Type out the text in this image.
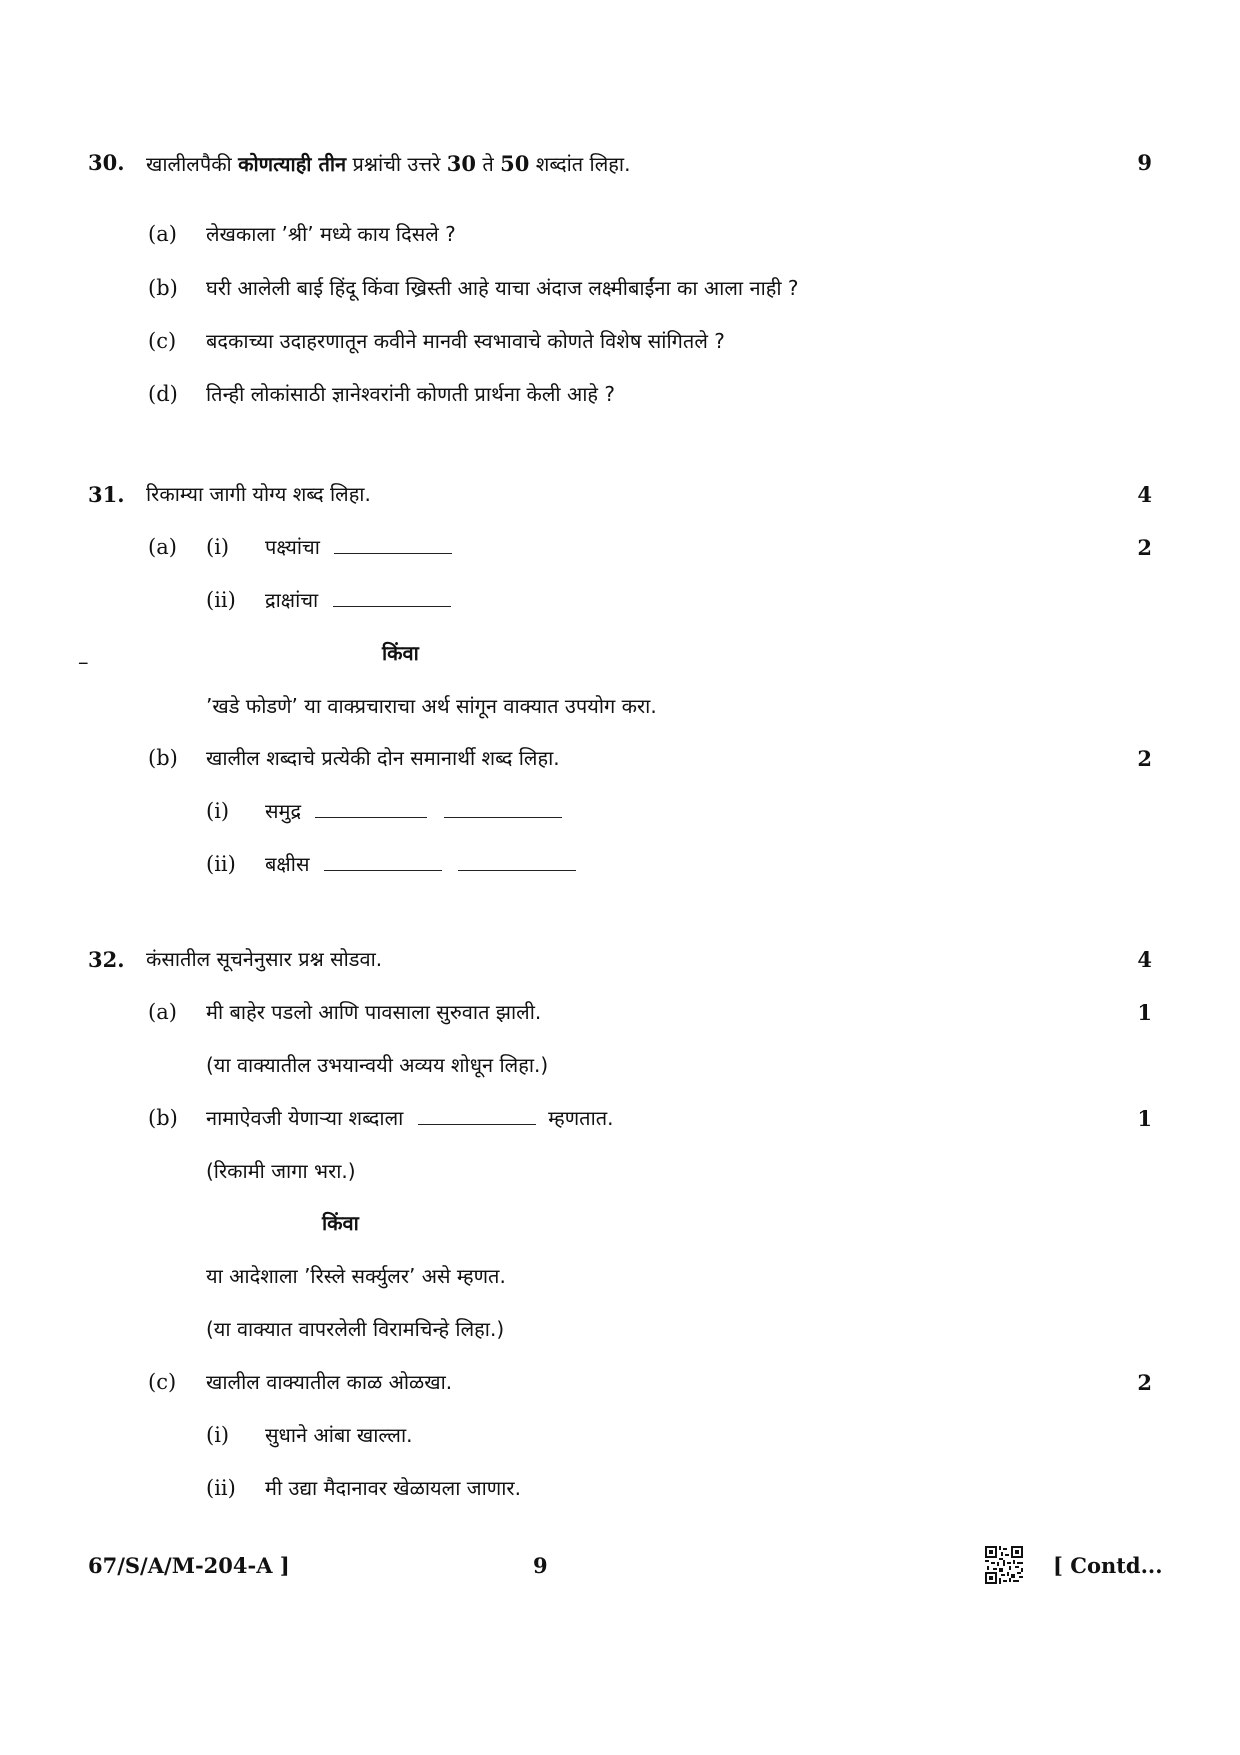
30. खालीलपैकी कोणत्याही तीन प्रश्नांची उत्तरे 30 ते 50 शब्दांत लिहा.	9
(a) लेखकाला ’श्री’ मध्ये काय दिसले ?
(b) घरी आलेली बाई हिंदू किंवा ख्रिस्ती आहे याचा अंदाज लक्ष्मीबाईंना का आला नाही ?
(c) बदकाच्या उदाहरणातून कवीने मानवी स्वभावाचे कोणते विशेष सांगितले ?
(d) तिन्ही लोकांसाठी ज्ञानेश्वरांनी कोणती प्रार्थना केली आहे ?
31. रिकाम्या जागी योग्य शब्द लिहा.	4
(a) (i) पक्ष्यांचा	2
(ii) द्राक्षांचा
किंवा
–
’खडे फोडणे’ या वाक्प्रचाराचा अर्थ सांगून वाक्यात उपयोग करा.
(b) खालील शब्दाचे प्रत्येकी दोन समानार्थी शब्द लिहा.	2
(i) समुद्र
(ii) बक्षीस
32. कंसातील सूचनेनुसार प्रश्न सोडवा.	4
(a) मी बाहेर पडलो आणि पावसाला सुरुवात झाली.	1
(या वाक्यातील उभयान्वयी अव्यय शोधून लिहा.)
(b) नामाऐवजी येणाऱ्या शब्दाला	म्हणतात.	1
(रिकामी जागा भरा.)
किंवा
या आदेशाला ’रिस्ले सर्क्युलर’ असे म्हणत.
(या वाक्यात वापरलेली विरामचिन्हे लिहा.)
(c) खालील वाक्यातील काळ ओळखा.	2
(i) सुधाने आंबा खाल्ला.
(ii) मी उद्या मैदानावर खेळायला जाणार.
67/S/A/M-204-A ]	9	[ Contd...
